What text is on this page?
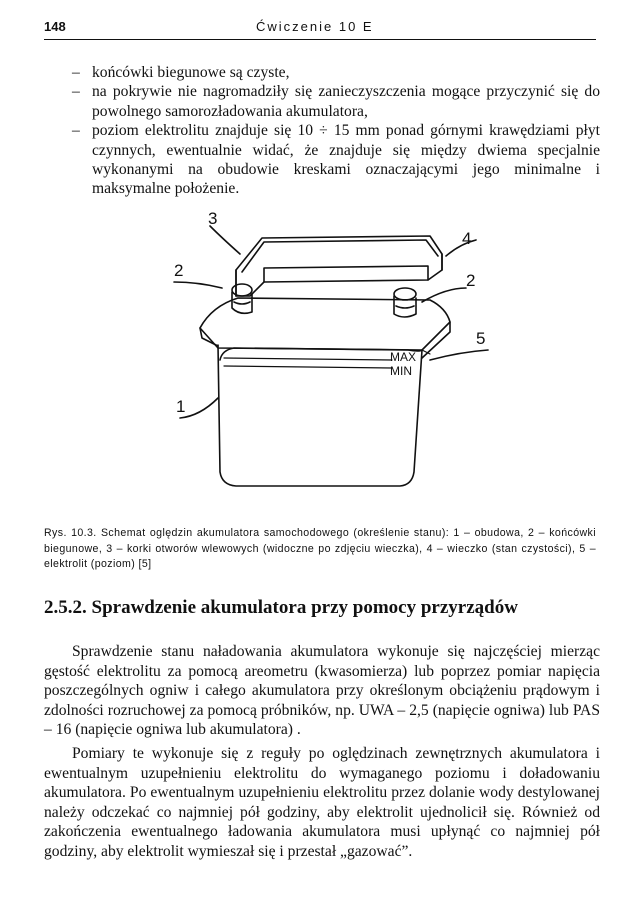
148	Ćwiczenie 10 E
– końcówki biegunowe są czyste,
– na pokrywie nie nagromadziły się zanieczyszczenia mogące przyczynić się do powolnego samorozładowania akumulatora,
– poziom elektrolitu znajduje się 10 ÷ 15 mm ponad górnymi krawędziami płyt czynnych, ewentualnie widać, że znajduje się między dwiema specjalnie wykonanymi na obudowie kreskami oznaczającymi jego minimalne i maksymalne położenie.
1
2
2
3
4
5
MAX
MIN
Rys. 10.3. Schemat oględzin akumulatora samochodowego (określenie stanu): 1 – obudowa, 2 – końcówki biegunowe, 3 – korki otworów wlewowych (widoczne po zdjęciu wieczka), 4 – wieczko (stan czystości), 5 – elektrolit (poziom) [5]
2.5.2. Sprawdzenie akumulatora przy pomocy przyrządów

Sprawdzenie stanu naładowania akumulatora wykonuje się najczęściej mierząc gęstość elektrolitu za pomocą areometru (kwasomierza) lub poprzez pomiar napięcia poszczególnych ogniw i całego akumulatora przy określonym obciążeniu prądowym i zdolności rozruchowej za pomocą próbników, np. UWA – 2,5 (napięcie ogniwa) lub PAS – 16 (napięcie ogniwa lub akumulatora) .

Pomiary te wykonuje się z reguły po oględzinach zewnętrznych akumulatora i ewentualnym uzupełnieniu elektrolitu do wymaganego poziomu i doładowaniu akumulatora. Po ewentualnym uzupełnieniu elektrolitu przez dolanie wody destylowanej należy odczekać co najmniej pół godziny, aby elektrolit ujednolicił się. Również od zakończenia ewentualnego ładowania akumulatora musi upłynąć co najmniej pół godziny, aby elektrolit wymieszał się i przestał „gazować”.
